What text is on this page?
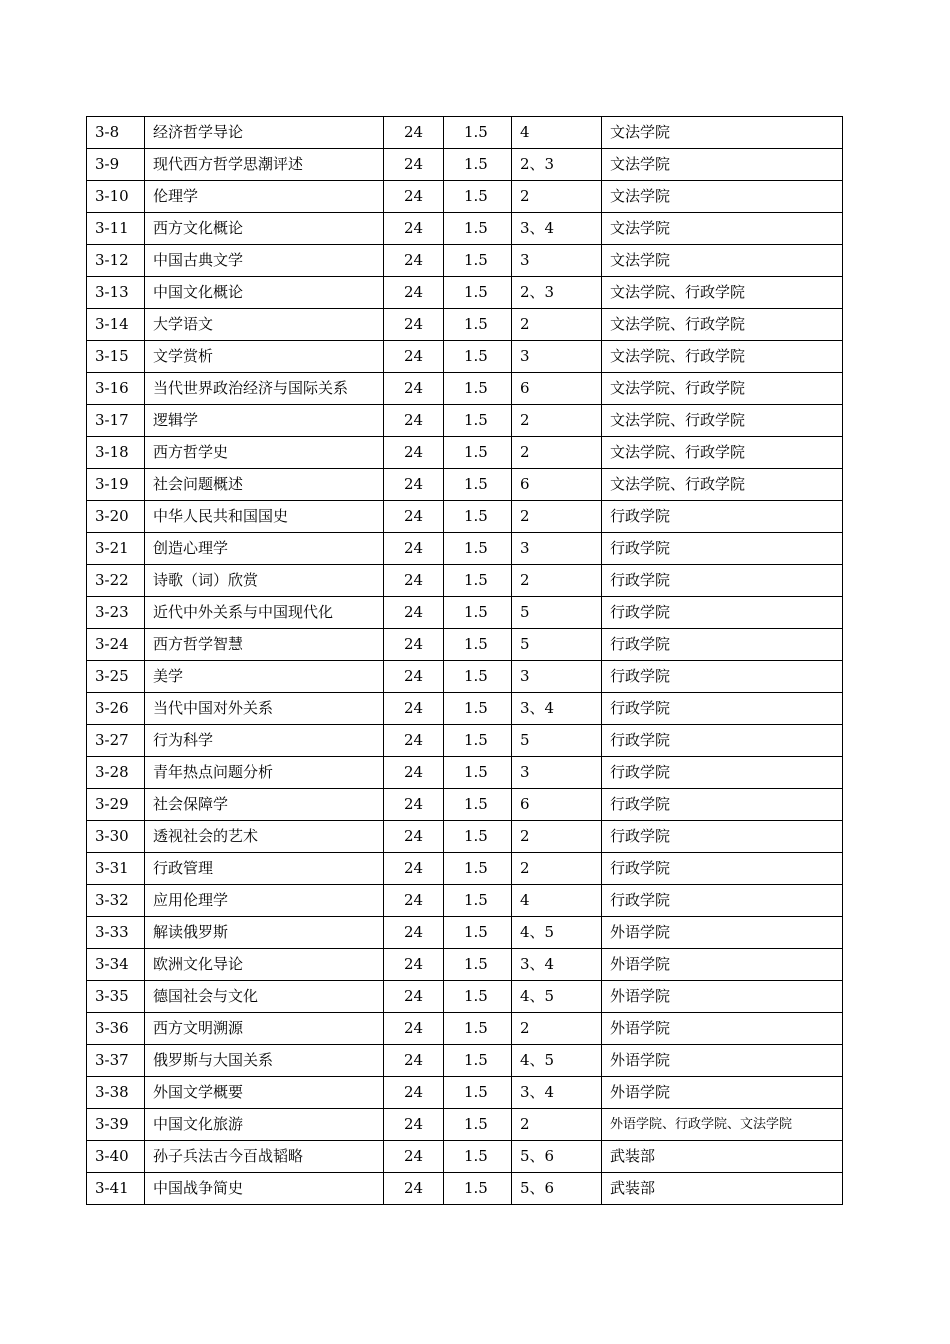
3-8	经济哲学导论	24	1.5	4	文法学院
3-9	现代西方哲学思潮评述	24	1.5	2、3	文法学院
3-10	伦理学	24	1.5	2	文法学院
3-11	西方文化概论	24	1.5	3、4	文法学院
3-12	中国古典文学	24	1.5	3	文法学院
3-13	中国文化概论	24	1.5	2、3	文法学院、行政学院
3-14	大学语文	24	1.5	2	文法学院、行政学院
3-15	文学赏析	24	1.5	3	文法学院、行政学院
3-16	当代世界政治经济与国际关系	24	1.5	6	文法学院、行政学院
3-17	逻辑学	24	1.5	2	文法学院、行政学院
3-18	西方哲学史	24	1.5	2	文法学院、行政学院
3-19	社会问题概述	24	1.5	6	文法学院、行政学院
3-20	中华人民共和国国史	24	1.5	2	行政学院
3-21	创造心理学	24	1.5	3	行政学院
3-22	诗歌（词）欣赏	24	1.5	2	行政学院
3-23	近代中外关系与中国现代化	24	1.5	5	行政学院
3-24	西方哲学智慧	24	1.5	5	行政学院
3-25	美学	24	1.5	3	行政学院
3-26	当代中国对外关系	24	1.5	3、4	行政学院
3-27	行为科学	24	1.5	5	行政学院
3-28	青年热点问题分析	24	1.5	3	行政学院
3-29	社会保障学	24	1.5	6	行政学院
3-30	透视社会的艺术	24	1.5	2	行政学院
3-31	行政管理	24	1.5	2	行政学院
3-32	应用伦理学	24	1.5	4	行政学院
3-33	解读俄罗斯	24	1.5	4、5	外语学院
3-34	欧洲文化导论	24	1.5	3、4	外语学院
3-35	德国社会与文化	24	1.5	4、5	外语学院
3-36	西方文明溯源	24	1.5	2	外语学院
3-37	俄罗斯与大国关系	24	1.5	4、5	外语学院
3-38	外国文学概要	24	1.5	3、4	外语学院
3-39	中国文化旅游	24	1.5	2	外语学院、行政学院、文法学院
3-40	孙子兵法古今百战韬略	24	1.5	5、6	武装部
3-41	中国战争简史	24	1.5	5、6	武装部
